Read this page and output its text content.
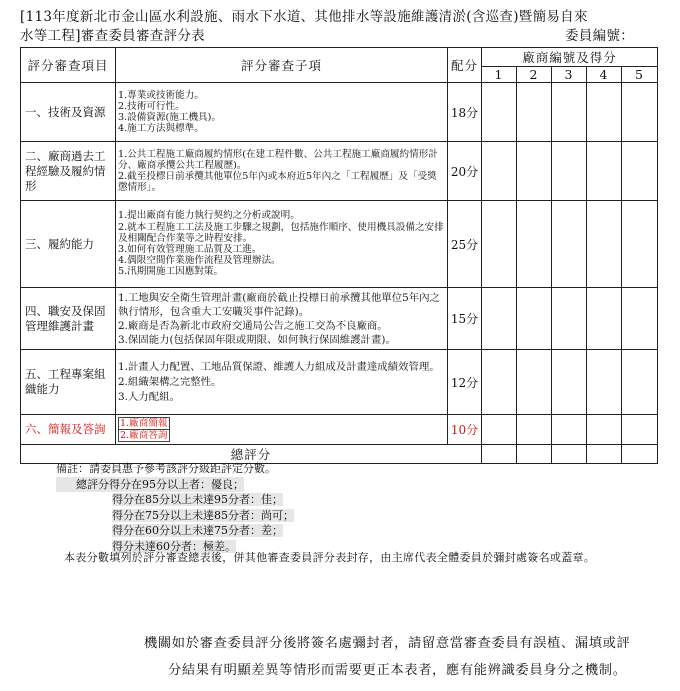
[113年度新北市金山區水利設施、雨水下水道、其他排水等設施維護清淤(含巡查)暨簡易自來
水等工程]審查委員審查評分表	委員編號：
評分審查項目	評分審查子項	配分	廠商編號及得分				
			1	2	3	4	5
一、技術及資源	1.專業或技術能力。
2.技術可行性。
3.設備資源(施工機具)。
4.施工方法與標準。	18分					
二、廠商過去工程經驗及履約情形	1.公共工程施工廠商履約情形(在建工程件數、公共工程施工廠商履約情形計分、廠商承攬公共工程履歷)。
2.截至投標日前承攬其他單位5年內或本府近5年內之「工程履歷」及「受獎懲情形」。	20分					
三、履約能力	1.提出廠商有能力執行契約之分析或說明。
2.就本工程施工工法及施工步驟之規劃，包括施作順序、使用機具設備之安排及相關配合作業等之時程安排。
3.如何有效管理施工品質及工進。
4.偶限空間作業施作流程及管理辦法。
5.汛期開施工因應對策。	25分					
四、職安及保固管理維護計畫	1.工地與安全衛生管理計畫(廠商於截止投標日前承攬其他單位5年內之執行情形，包含重大工安職災事件記錄)。
2.廠商是否為新北市政府交通局公告之施工交為不良廠商。
3.保固能力(包括保固年限或期限、如何執行保固維護計畫)。	15分					
五、工程專案組織能力	1.計畫人力配置、工地品質保證、維護人力組成及計畫達成績效管理。
2.組織架構之完整性。
3.人力配組。	12分					
六、簡報及答詢	1.廠商簡報
2.廠商答詢	10分					
總評分							
備註：請委員惠予參考該評分級距評定分數。
總評分得分在95分以上者：優良；
得分在85分以上未達95分者：佳；
得分在75分以上未達85分者：尚可；
得分在60分以上未達75分者：差；
得分未達60分者：極差。
本表分數填列於評分審查總表後，併其他審查委員評分表封存，由主席代表全體委員於彌封處簽名或蓋章。
機關如於審查委員評分後將簽名處彌封者，請留意當審查委員有誤植、漏填或評
分結果有明顯差異等情形而需要更正本表者，應有能辨識委員身分之機制。
